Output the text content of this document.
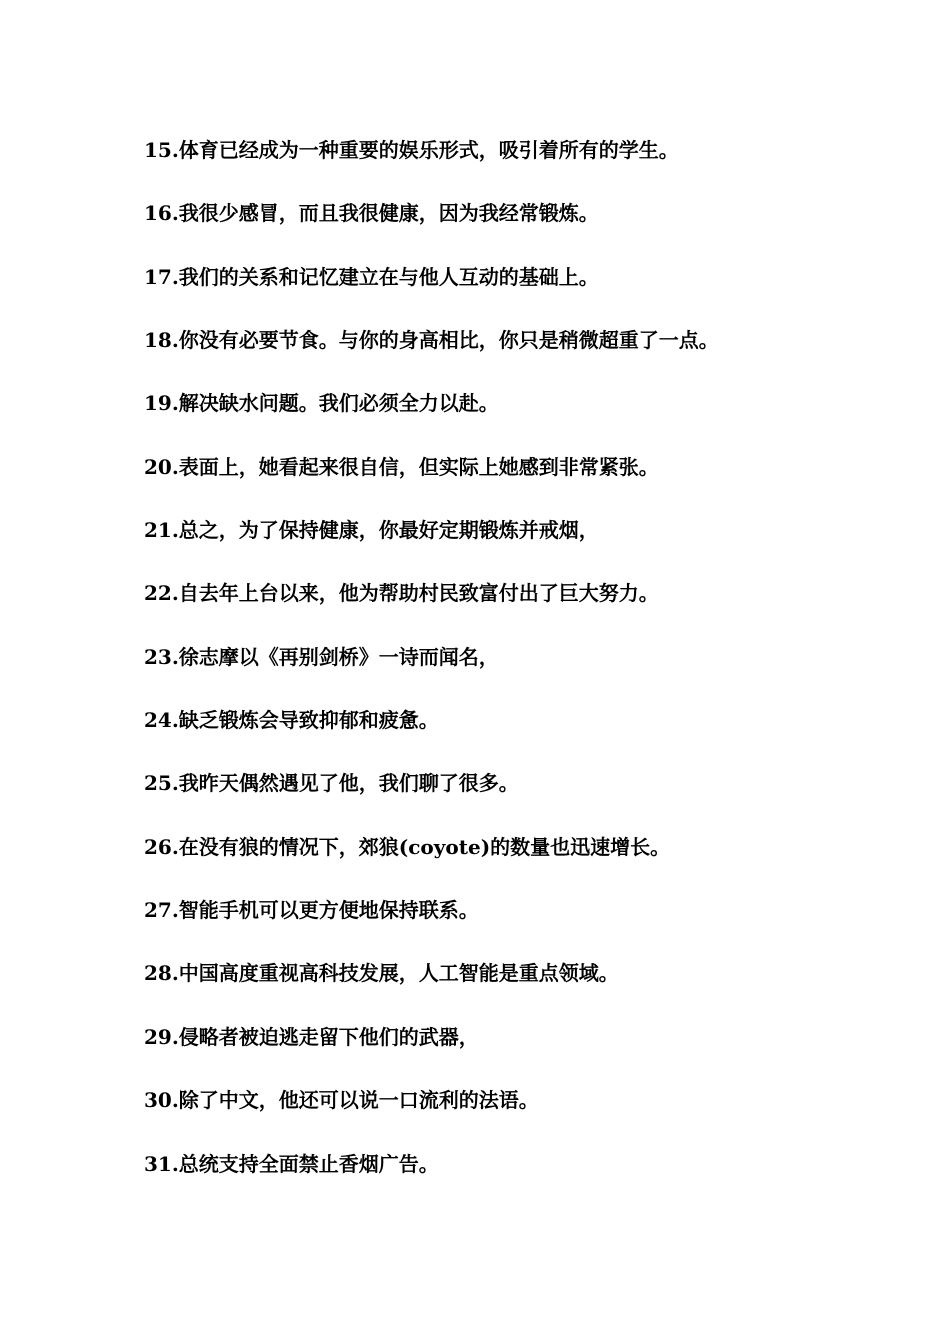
15.体育已经成为一种重要的娱乐形式，吸引着所有的学生。
16.我很少感冒，而且我很健康，因为我经常锻炼。
17.我们的关系和记忆建立在与他人互动的基础上。
18.你没有必要节食。与你的身高相比，你只是稍微超重了一点。
19.解决缺水问题。我们必须全力以赴。
20.表面上，她看起来很自信，但实际上她感到非常紧张。
21.总之，为了保持健康，你最好定期锻炼并戒烟，
22.自去年上台以来，他为帮助村民致富付出了巨大努力。
23.徐志摩以《再别剑桥》一诗而闻名，
24.缺乏锻炼会导致抑郁和疲惫。
25.我昨天偶然遇见了他，我们聊了很多。
26.在没有狼的情况下，郊狼(coyote)的数量也迅速增长。
27.智能手机可以更方便地保持联系。
28.中国高度重视高科技发展，人工智能是重点领域。
29.侵略者被迫逃走留下他们的武器，
30.除了中文，他还可以说一口流利的法语。
31.总统支持全面禁止香烟广告。
